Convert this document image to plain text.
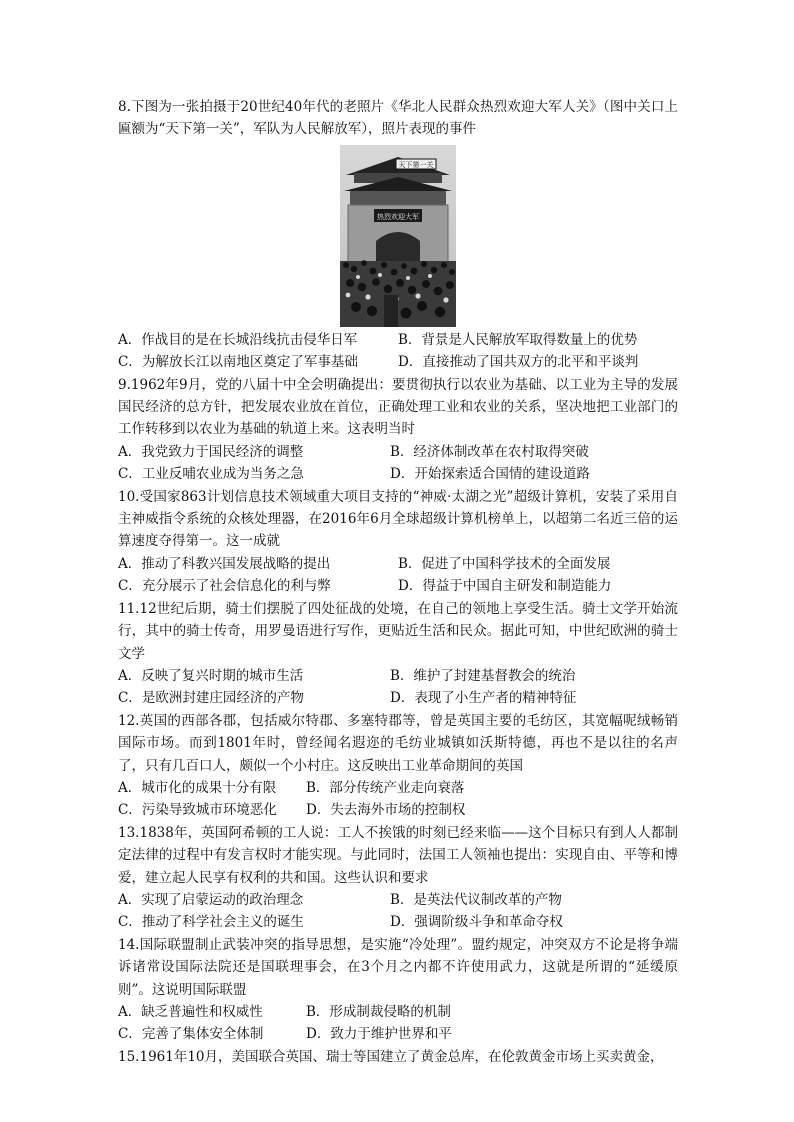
8.下图为一张拍摄于20世纪40年代的老照片《华北人民群众热烈欢迎大军人关》（图中关口上匾额为“天下第一关”，军队为人民解放军），照片表现的事件

天下第一关
热烈欢迎大军
A．作战目的是在长城沿线抗击侵华日军	B．背景是人民解放军取得数量上的优势
C．为解放长江以南地区奠定了军事基础	D．直接推动了国共双方的北平和平谈判

9.1962年9月，党的八届十中全会明确提出：要贯彻执行以农业为基础、以工业为主导的发展国民经济的总方针，把发展农业放在首位，正确处理工业和农业的关系，坚决地把工业部门的工作转移到以农业为基础的轨道上来。这表明当时

A．我党致力于国民经济的调整	B．经济体制改革在农村取得突破
C．工业反哺农业成为当务之急	D．开始探索适合国情的建设道路

10.受国家863计划信息技术领域重大项目支持的“神威·太湖之光”超级计算机，安装了采用自主神威指令系统的众核处理器，在2016年6月全球超级计算机榜单上，以超第二名近三倍的运算速度夺得第一。这一成就

A．推动了科教兴国发展战略的提出	B．促进了中国科学技术的全面发展
C．充分展示了社会信息化的利与弊	D．得益于中国自主研发和制造能力

11.12世纪后期，骑士们摆脱了四处征战的处境，在自己的领地上享受生活。骑士文学开始流行，其中的骑士传奇，用罗曼语进行写作，更贴近生活和民众。据此可知，中世纪欧洲的骑士文学

A．反映了复兴时期的城市生活	B．维护了封建基督教会的统治
C．是欧洲封建庄园经济的产物	D．表现了小生产者的精神特征

12.英国的西部各郡，包括威尔特郡、多塞特郡等，曾是英国主要的毛纺区，其宽幅呢绒畅销国际市场。而到1801年时，曾经闻名遐迩的毛纺业城镇如沃斯特德，再也不是以往的名声了，只有几百口人，颇似一个小村庄。这反映出工业革命期间的英国

A．城市化的成果十分有限	B．部分传统产业走向衰落
C．污染导致城市环境恶化	D．失去海外市场的控制权

13.1838年，英国阿希顿的工人说：工人不挨饿的时刻已经来临——这个目标只有到人人都制定法律的过程中有发言权时才能实现。与此同时，法国工人领袖也提出：实现自由、平等和博爱，建立起人民享有权利的共和国。这些认识和要求

A．实现了启蒙运动的政治理念	B．是英法代议制改革的产物
C．推动了科学社会主义的诞生	D．强调阶级斗争和革命夺权

14.国际联盟制止武装冲突的指导思想，是实施“冷处理”。盟约规定，冲突双方不论是将争端诉诸常设国际法院还是国联理事会，在3个月之内都不许使用武力，这就是所谓的“延缓原则”。这说明国际联盟

A．缺乏普遍性和权威性	B．形成制裁侵略的机制
C．完善了集体安全体制	D．致力于维护世界和平

15.1961年10月，美国联合英国、瑞士等国建立了黄金总库，在伦敦黄金市场上买卖黄金，
